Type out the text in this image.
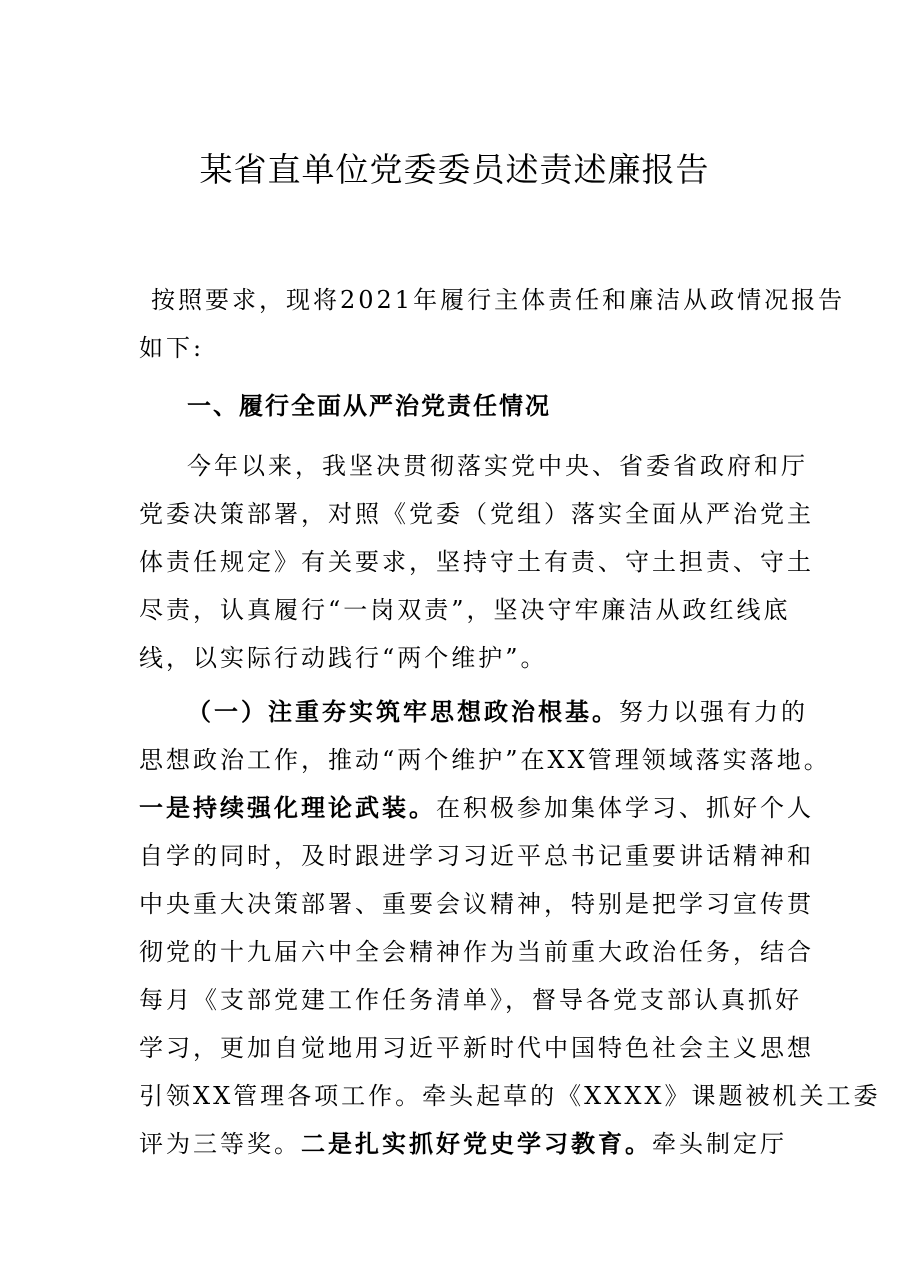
某省直单位党委委员述责述廉报告
按照要求，现将2021年履行主体责任和廉洁从政情况报告
如下:
一、履行全面从严治党责任情况
今年以来，我坚决贯彻落实党中央、省委省政府和厅
党委决策部署，对照《党委（党组）落实全面从严治党主
体责任规定》有关要求，坚持守土有责、守土担责、守土
尽责，认真履行“一岗双责”，坚决守牢廉洁从政红线底
线，以实际行动践行“两个维护”。
（一）注重夯实筑牢思想政治根基。努力以强有力的
思想政治工作，推动“两个维护”在XX管理领域落实落地。
一是持续强化理论武装。在积极参加集体学习、抓好个人
自学的同时，及时跟进学习习近平总书记重要讲话精神和
中央重大决策部署、重要会议精神，特别是把学习宣传贯
彻党的十九届六中全会精神作为当前重大政治任务，结合
每月《支部党建工作任务清单》，督导各党支部认真抓好
学习，更加自觉地用习近平新时代中国特色社会主义思想
引领XX管理各项工作。牵头起草的《XXXX》课题被机关工委
评为三等奖。二是扎实抓好党史学习教育。牵头制定厅
